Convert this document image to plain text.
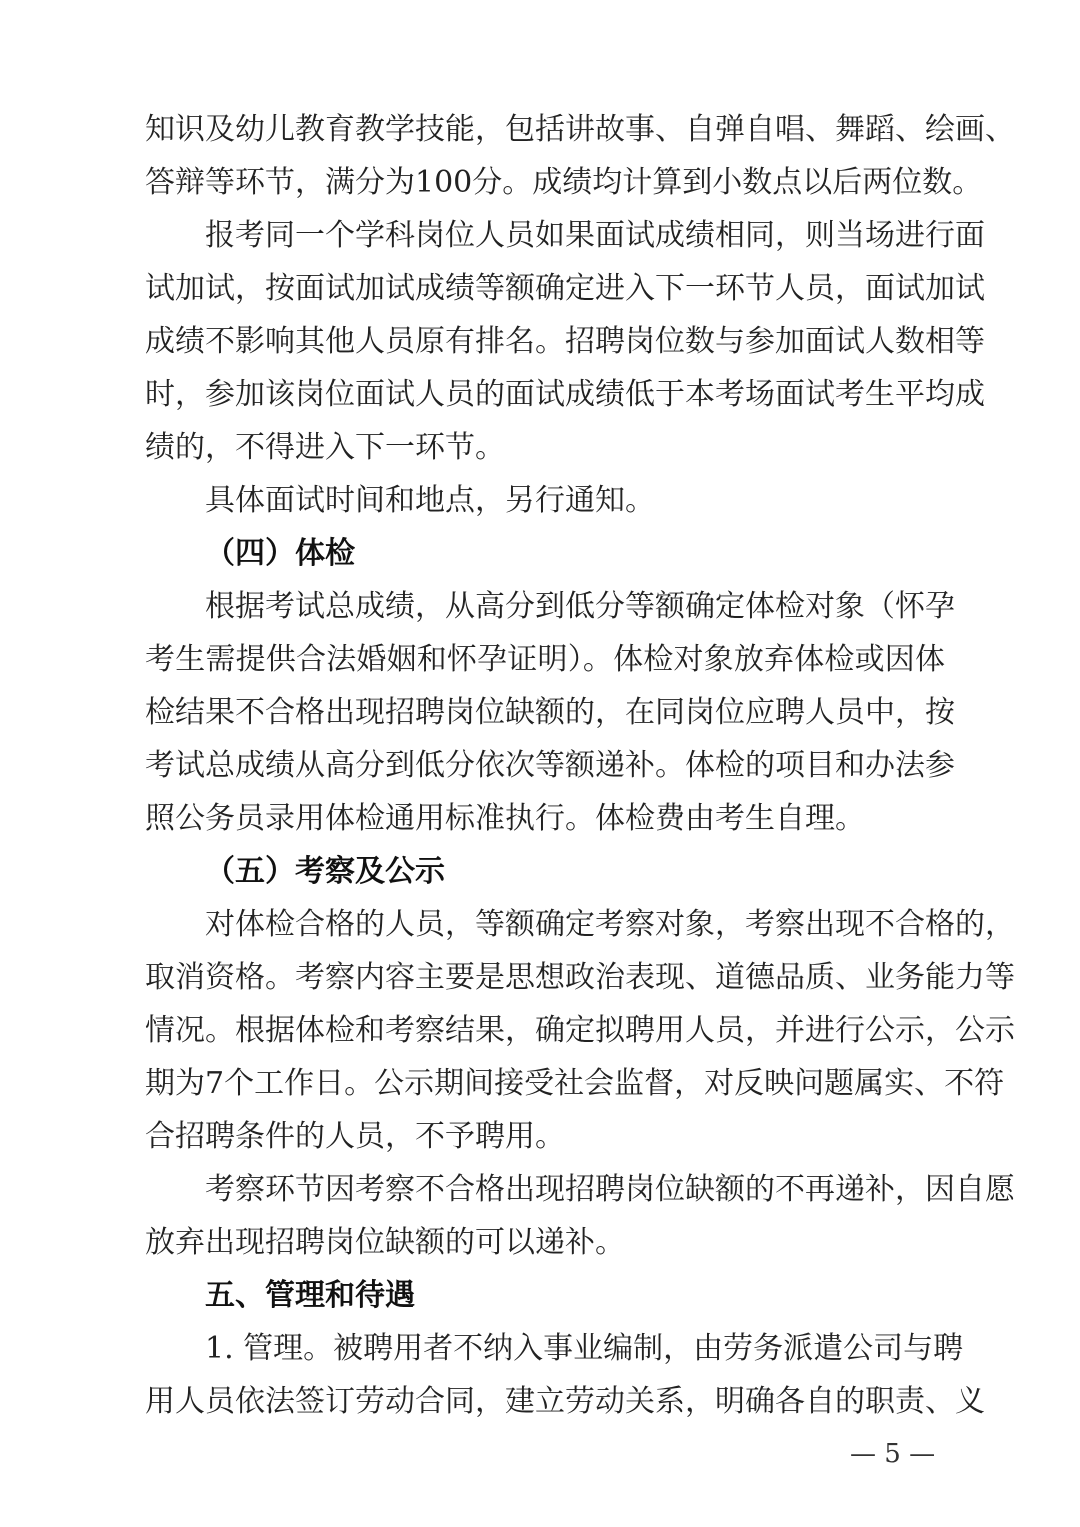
知识及幼儿教育教学技能，包括讲故事、自弹自唱、舞蹈、绘画、
答辩等环节，满分为100分。成绩均计算到小数点以后两位数。
报考同一个学科岗位人员如果面试成绩相同，则当场进行面
试加试，按面试加试成绩等额确定进入下一环节人员，面试加试
成绩不影响其他人员原有排名。招聘岗位数与参加面试人数相等
时，参加该岗位面试人员的面试成绩低于本考场面试考生平均成
绩的，不得进入下一环节。
具体面试时间和地点，另行通知。
（四）体检
根据考试总成绩，从高分到低分等额确定体检对象（怀孕
考生需提供合法婚姻和怀孕证明）。体检对象放弃体检或因体
检结果不合格出现招聘岗位缺额的，在同岗位应聘人员中，按
考试总成绩从高分到低分依次等额递补。体检的项目和办法参
照公务员录用体检通用标准执行。体检费由考生自理。
（五）考察及公示
对体检合格的人员，等额确定考察对象，考察出现不合格的，
取消资格。考察内容主要是思想政治表现、道德品质、业务能力等
情况。根据体检和考察结果，确定拟聘用人员，并进行公示，公示
期为7个工作日。公示期间接受社会监督，对反映问题属实、不符
合招聘条件的人员，不予聘用。
考察环节因考察不合格出现招聘岗位缺额的不再递补，因自愿
放弃出现招聘岗位缺额的可以递补。
五、管理和待遇
1. 管理。被聘用者不纳入事业编制，由劳务派遣公司与聘
用人员依法签订劳动合同，建立劳动关系，明确各自的职责、义
— 5 —
